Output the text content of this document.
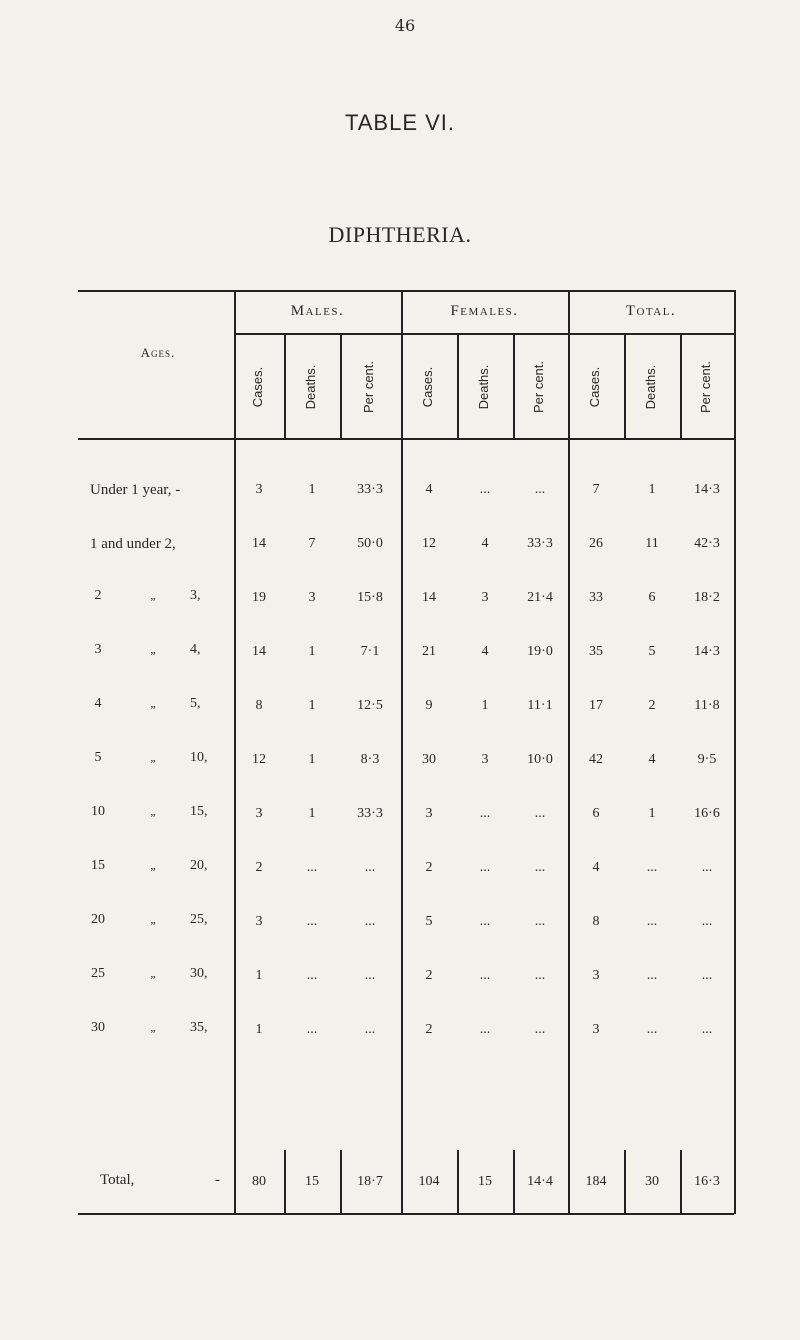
46
TABLE VI.
DIPHTHERIA.
Ages.
Males.	Females.	Total.
Cases.	Deaths.	Per cent.	Cases.	Deaths.	Per cent.	Cases.	Deaths.	Per cent.
Under 1 year, -	3	1	33·3	4	...	...	7	1	14·3
1 and under 2,	14	7	50·0	12	4	33·3	26	11	42·3
2	„	3,	19	3	15·8	14	3	21·4	33	6	18·2
3	„	4,	14	1	7·1	21	4	19·0	35	5	14·3
4	„	5,	8	1	12·5	9	1	11·1	17	2	11·8
5	„	10,	12	1	8·3	30	3	10·0	42	4	9·5
10	„	15,	3	1	33·3	3	...	...	6	1	16·6
15	„	20,	2	...	...	2	...	...	4	...	...
20	„	25,	3	...	...	5	...	...	8	...	...
25	„	30,	1	...	...	2	...	...	3	...	...
30	„	35,	1	...	...	2	...	...	3	...	...
Total,	-	80	15	18·7	104	15	14·4	184	30	16·3
